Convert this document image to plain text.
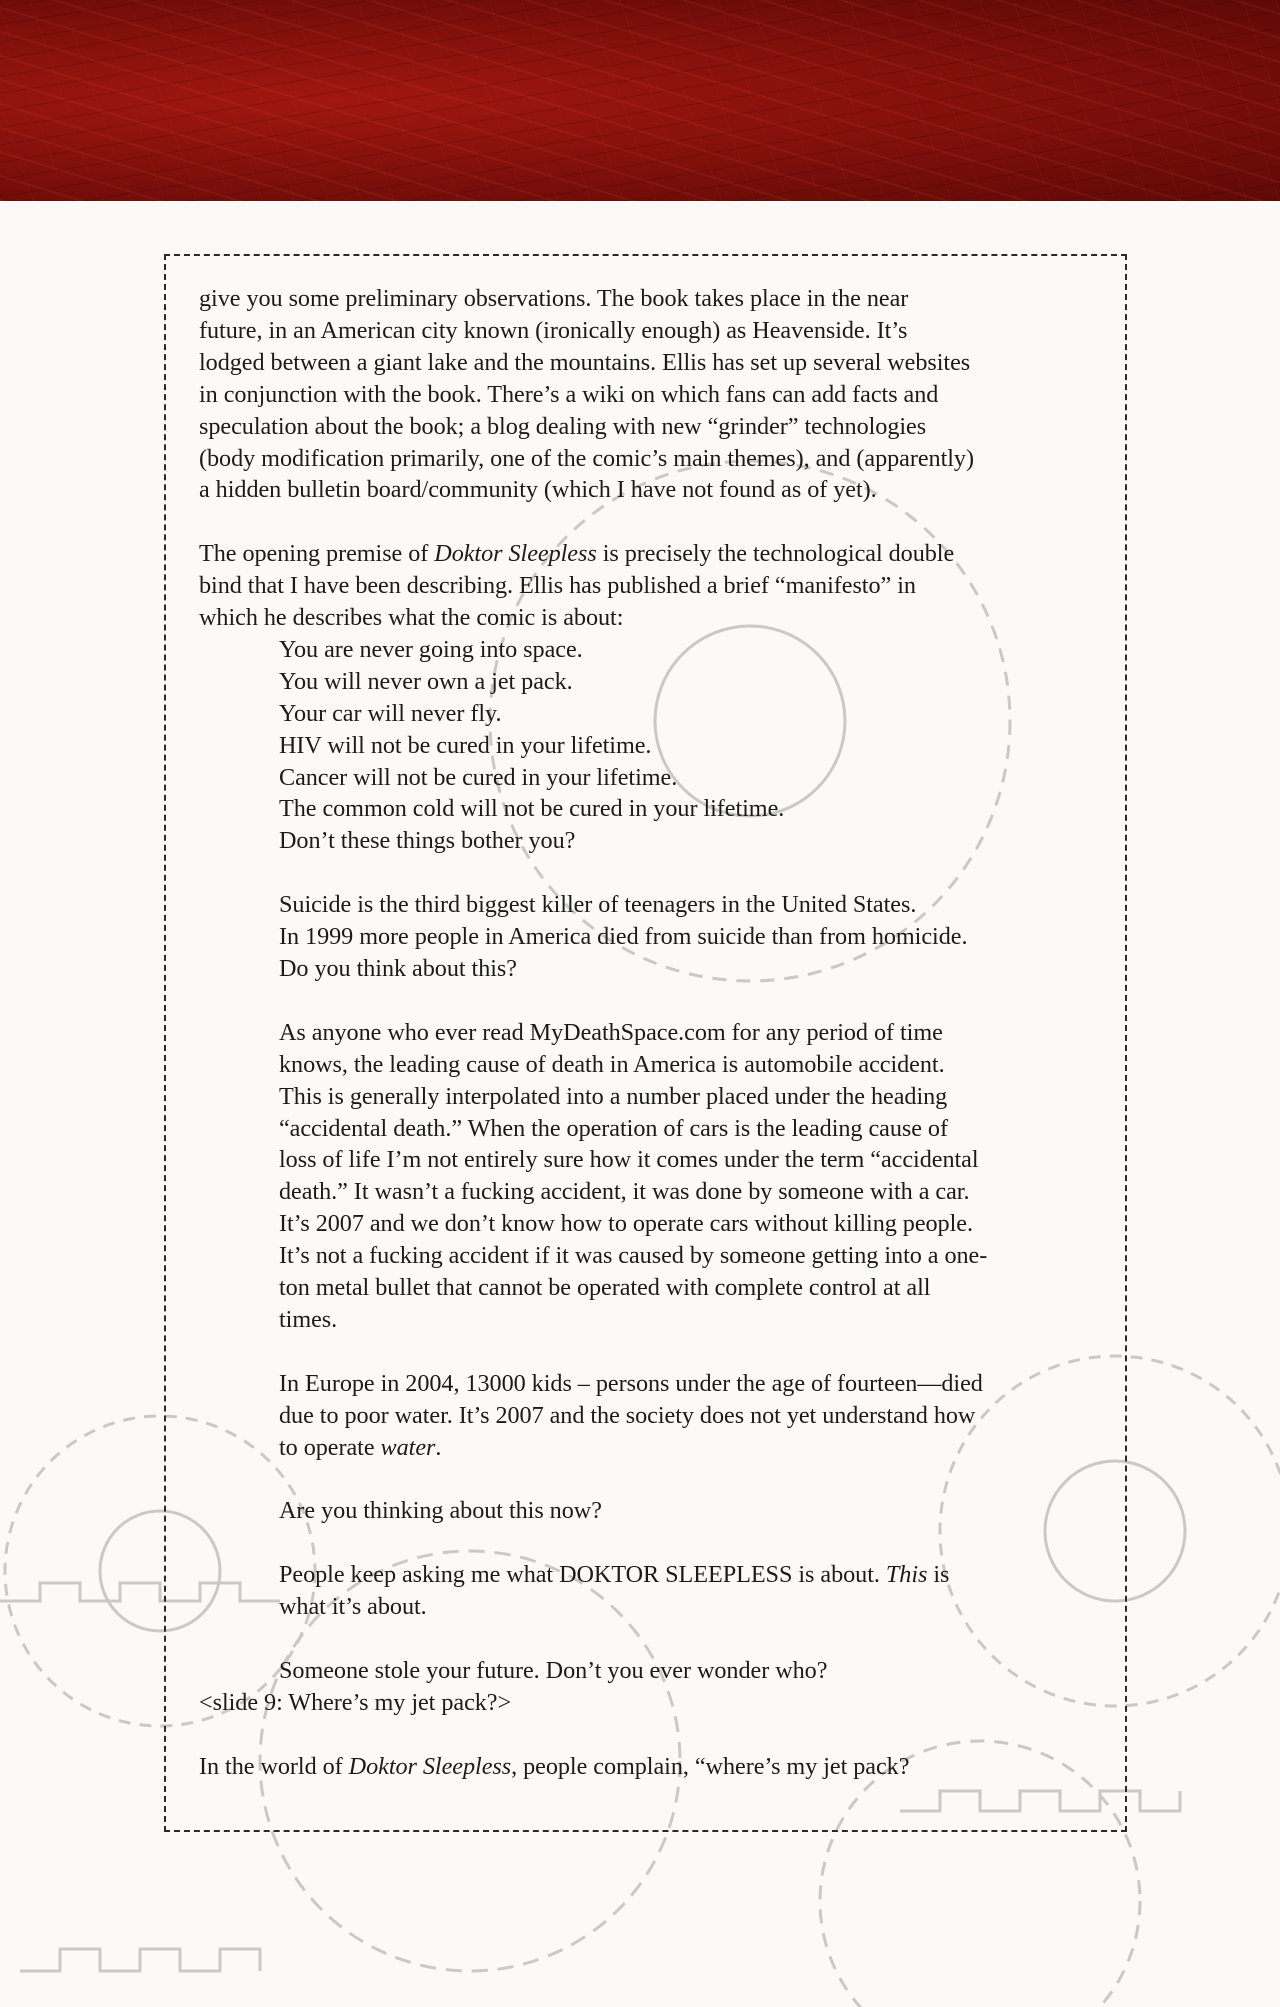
give you some preliminary observations. The book takes place in the near

future, in an American city known (ironically enough) as Heavenside. It’s

lodged between a giant lake and the mountains. Ellis has set up several websites

in conjunction with the book. There’s a wiki on which fans can add facts and

speculation about the book; a blog dealing with new “grinder” technologies

(body modification primarily, one of the comic’s main themes), and (apparently)

a hidden bulletin board/community (which I have not found as of yet).

The opening premise of Doktor Sleepless is precisely the technological double

bind that I have been describing. Ellis has published a brief “manifesto” in

which he describes what the comic is about:

You are never going into space.

You will never own a jet pack.

Your car will never fly.

HIV will not be cured in your lifetime.

Cancer will not be cured in your lifetime.

The common cold will not be cured in your lifetime.

Don’t these things bother you?

Suicide is the third biggest killer of teenagers in the United States.

In 1999 more people in America died from suicide than from homicide.

Do you think about this?

As anyone who ever read MyDeathSpace.com for any period of time

knows, the leading cause of death in America is automobile accident.

This is generally interpolated into a number placed under the heading

“accidental death.” When the operation of cars is the leading cause of

loss of life I’m not entirely sure how it comes under the term “accidental

death.” It wasn’t a fucking accident, it was done by someone with a car.

It’s 2007 and we don’t know how to operate cars without killing people.

It’s not a fucking accident if it was caused by someone getting into a one-

ton metal bullet that cannot be operated with complete control at all

times.

In Europe in 2004, 13000 kids – persons under the age of fourteen—died

due to poor water. It’s 2007 and the society does not yet understand how

to operate water.

Are you thinking about this now?

People keep asking me what DOKTOR SLEEPLESS is about. This is

what it’s about.

Someone stole your future. Don’t you ever wonder who?

<slide 9: Where’s my jet pack?>

In the world of Doktor Sleepless, people complain, “where’s my jet pack?
